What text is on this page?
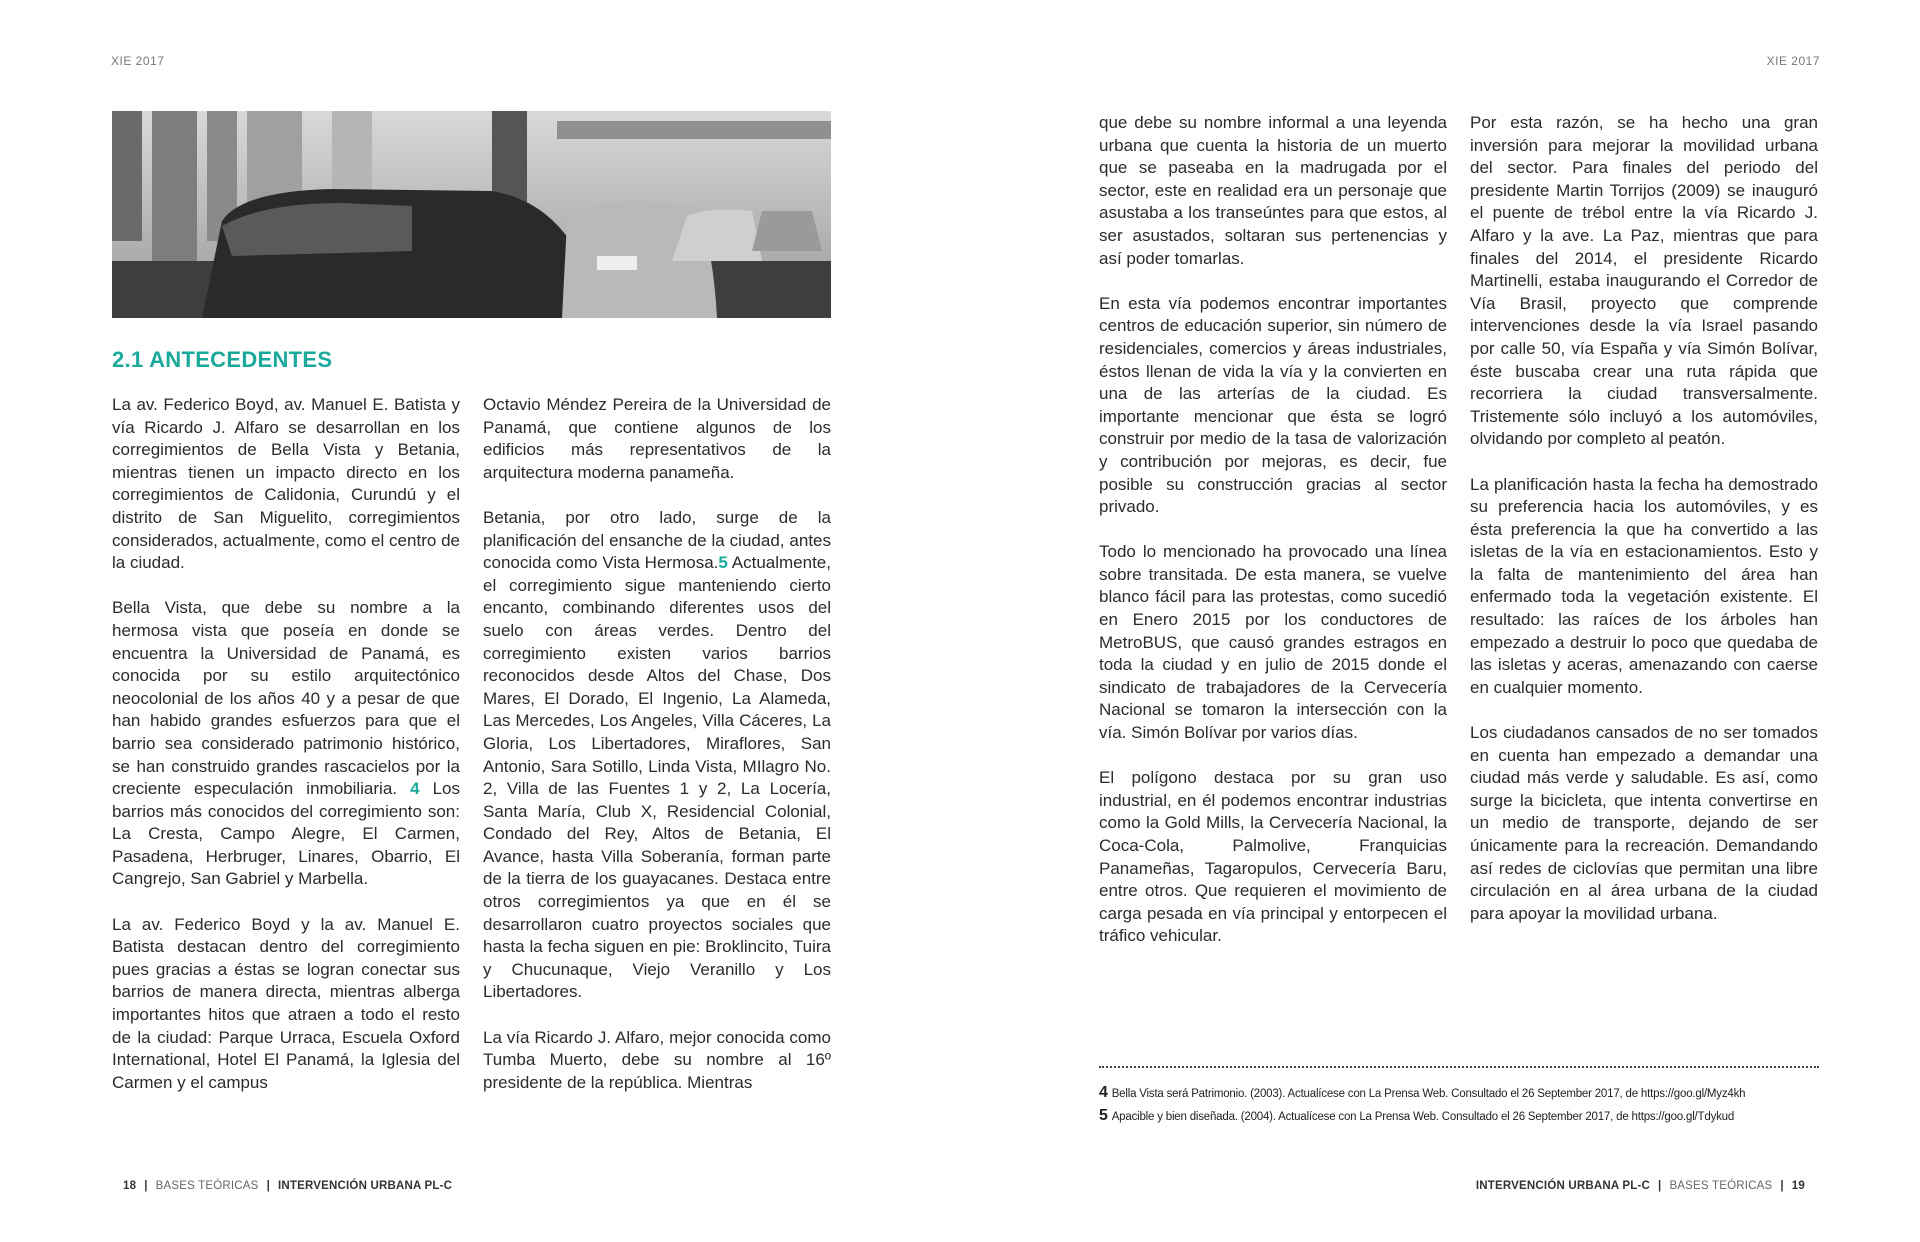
XIE 2017	XIE 2017
2.1 ANTECEDENTES

La av. Federico Boyd, av. Manuel E. Batista y vía Ricardo J. Alfaro se desarrollan en los corregimientos de Bella Vista y Betania, mientras tienen un impacto directo en los corregimientos de Calidonia, Curundú y el distrito de San Miguelito, corregimientos considerados, actualmente, como el centro de la ciudad.

Bella Vista, que debe su nombre a la hermosa vista que poseía en donde se encuentra la Universidad de Panamá, es conocida por su estilo arquitectónico neocolonial de los años 40 y a pesar de que han habido grandes esfuerzos para que el barrio sea considerado patrimonio histórico, se han construido grandes rascacielos por la creciente especulación inmobiliaria. 4 Los barrios más conocidos del corregimiento son: La Cresta, Campo Alegre, El Carmen, Pasadena, Herbruger, Linares, Obarrio, El Cangrejo, San Gabriel y Marbella.

La av. Federico Boyd y la av. Manuel E. Batista destacan dentro del corregimiento pues gracias a éstas se logran conectar sus barrios de manera directa, mientras alberga importantes hitos que atraen a todo el resto de la ciudad: Parque Urraca, Escuela Oxford International, Hotel El Panamá, la Iglesia del Carmen y el campus

Octavio Méndez Pereira de la Universidad de Panamá, que contiene algunos de los edificios más representativos de la arquitectura moderna panameña.

Betania, por otro lado, surge de la planificación del ensanche de la ciudad, antes conocida como Vista Hermosa.5 Actualmente, el corregimiento sigue manteniendo cierto encanto, combinando diferentes usos del suelo con áreas verdes. Dentro del corregimiento existen varios barrios reconocidos desde Altos del Chase, Dos Mares, El Dorado, El Ingenio, La Alameda, Las Mercedes, Los Angeles, Villa Cáceres, La Gloria, Los Libertadores, Miraflores, San Antonio, Sara Sotillo, Linda Vista, MIlagro No. 2, Villa de las Fuentes 1 y 2, La Locería, Santa María, Club X, Residencial Colonial, Condado del Rey, Altos de Betania, El Avance, hasta Villa Soberanía, forman parte de la tierra de los guayacanes. Destaca entre otros corregimientos ya que en él se desarrollaron cuatro proyectos sociales que hasta la fecha siguen en pie: Broklincito, Tuira y Chucunaque, Viejo Veranillo y Los Libertadores.

La vía Ricardo J. Alfaro, mejor conocida como Tumba Muerto, debe su nombre al 16º presidente de la república. Mientras

que debe su nombre informal a una leyenda urbana que cuenta la historia de un muerto que se paseaba en la madrugada por el sector, este en realidad era un personaje que asustaba a los transeúntes para que estos, al ser asustados, soltaran sus pertenencias y así poder tomarlas.

En esta vía podemos encontrar importantes centros de educación superior, sin número de residenciales, comercios y áreas industriales, éstos llenan de vida la vía y la convierten en una de las arterías de la ciudad. Es importante mencionar que ésta se logró construir por medio de la tasa de valorización y contribución por mejoras, es decir, fue posible su construcción gracias al sector privado.

Todo lo mencionado ha provocado una línea sobre transitada. De esta manera, se vuelve blanco fácil para las protestas, como sucedió en Enero 2015 por los conductores de MetroBUS, que causó grandes estragos en toda la ciudad y en julio de 2015 donde el sindicato de trabajadores de la Cervecería Nacional se tomaron la intersección con la vía. Simón Bolívar por varios días.

El polígono destaca por su gran uso industrial, en él podemos encontrar industrias como la Gold Mills, la Cervecería Nacional, la Coca-Cola, Palmolive, Franquicias Panameñas, Tagaropulos, Cervecería Baru, entre otros. Que requieren el movimiento de carga pesada en vía principal y entorpecen el tráfico vehicular.

Por esta razón, se ha hecho una gran inversión para mejorar la movilidad urbana del sector. Para finales del periodo del presidente Martin Torrijos (2009) se inauguró el puente de trébol entre la vía Ricardo J. Alfaro y la ave. La Paz, mientras que para finales del 2014, el presidente Ricardo Martinelli, estaba inaugurando el Corredor de Vía Brasil, proyecto que comprende intervenciones desde la vía Israel pasando por calle 50, vía España y vía Simón Bolívar, éste buscaba crear una ruta rápida que recorriera la ciudad transversalmente. Tristemente sólo incluyó a los automóviles, olvidando por completo al peatón.

La planificación hasta la fecha ha demostrado su preferencia hacia los automóviles, y es ésta preferencia la que ha convertido a las isletas de la vía en estacionamientos. Esto y la falta de mantenimiento del área han enfermado toda la vegetación existente. El resultado: las raíces de los árboles han empezado a destruir lo poco que quedaba de las isletas y aceras, amenazando con caerse en cualquier momento.

Los ciudadanos cansados de no ser tomados en cuenta han empezado a demandar una ciudad más verde y saludable. Es así, como surge la bicicleta, que intenta convertirse en un medio de transporte, dejando de ser únicamente para la recreación. Demandando así redes de ciclovías que permitan una libre circulación en al área urbana de la ciudad para apoyar la movilidad urbana.

4 Bella Vista será Patrimonio. (2003). Actualícese con La Prensa Web. Consultado el 26 September 2017, de https://goo.gl/Myz4kh
5 Apacible y bien diseñada. (2004). Actualícese con La Prensa Web. Consultado el 26 September 2017, de https://goo.gl/Tdykud
18 | BASES TEÓRICAS | INTERVENCIÓN URBANA PL-C	INTERVENCIÓN URBANA PL-C | BASES TEÓRICAS | 19
